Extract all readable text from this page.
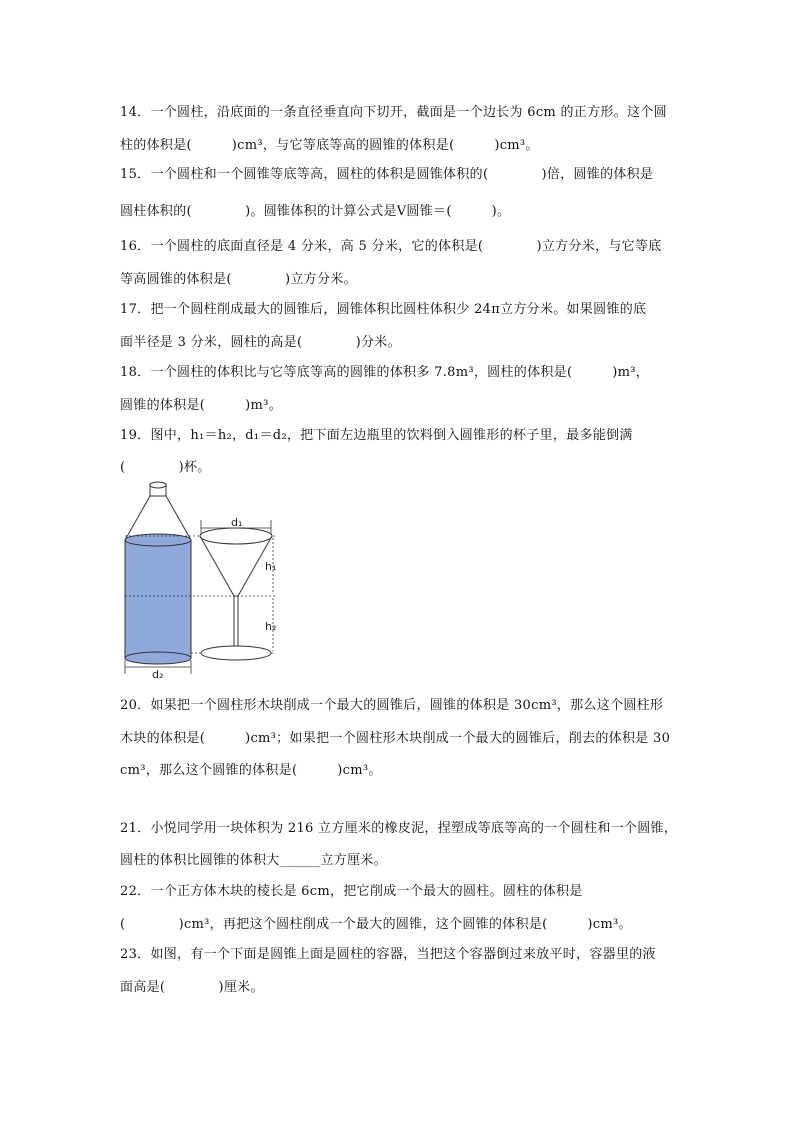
14．一个圆柱，沿底面的一条直径垂直向下切开，截面是一个边长为 6cm 的正方形。这个圆
柱的体积是(　　　)cm³，与它等底等高的圆锥的体积是(　　　)cm³。
15．一个圆柱和一个圆锥等底等高，圆柱的体积是圆锥体积的(　　　　)倍，圆锥的体积是
圆柱体积的(　　　　)。圆锥体积的计算公式是V圆锥＝(　　　)。
16．一个圆柱的底面直径是 4 分米，高 5 分米，它的体积是(　　　　)立方分米，与它等底
等高圆锥的体积是(　　　　)立方分米。
17．把一个圆柱削成最大的圆锥后，圆锥体积比圆柱体积少 24π立方分米。如果圆锥的底
面半径是 3 分米，圆柱的高是(　　　　)分米。
18．一个圆柱的体积比与它等底等高的圆锥的体积多 7.8m³，圆柱的体积是(　　　)m³，
圆锥的体积是(　　　)m³。
19．图中，h₁＝h₂，d₁＝d₂，把下面左边瓶里的饮料倒入圆锥形的杯子里，最多能倒满
(　　　　)杯。
20．如果把一个圆柱形木块削成一个最大的圆锥后，圆锥的体积是 30cm³，那么这个圆柱形
木块的体积是(　　　)cm³；如果把一个圆柱形木块削成一个最大的圆锥后，削去的体积是 30
cm³，那么这个圆锥的体积是(　　　)cm³。
21．小悦同学用一块体积为 216 立方厘米的橡皮泥，捏塑成等底等高的一个圆柱和一个圆锥，
圆柱的体积比圆锥的体积大______立方厘米。
22．一个正方体木块的棱长是 6cm，把它削成一个最大的圆柱。圆柱的体积是
(　　　　)cm³，再把这个圆柱削成一个最大的圆锥，这个圆锥的体积是(　　　)cm³。
23．如图，有一个下面是圆锥上面是圆柱的容器，当把这个容器倒过来放平时，容器里的液
面高是(　　　　)厘米。
d₁
h₁
h₂
d₂
